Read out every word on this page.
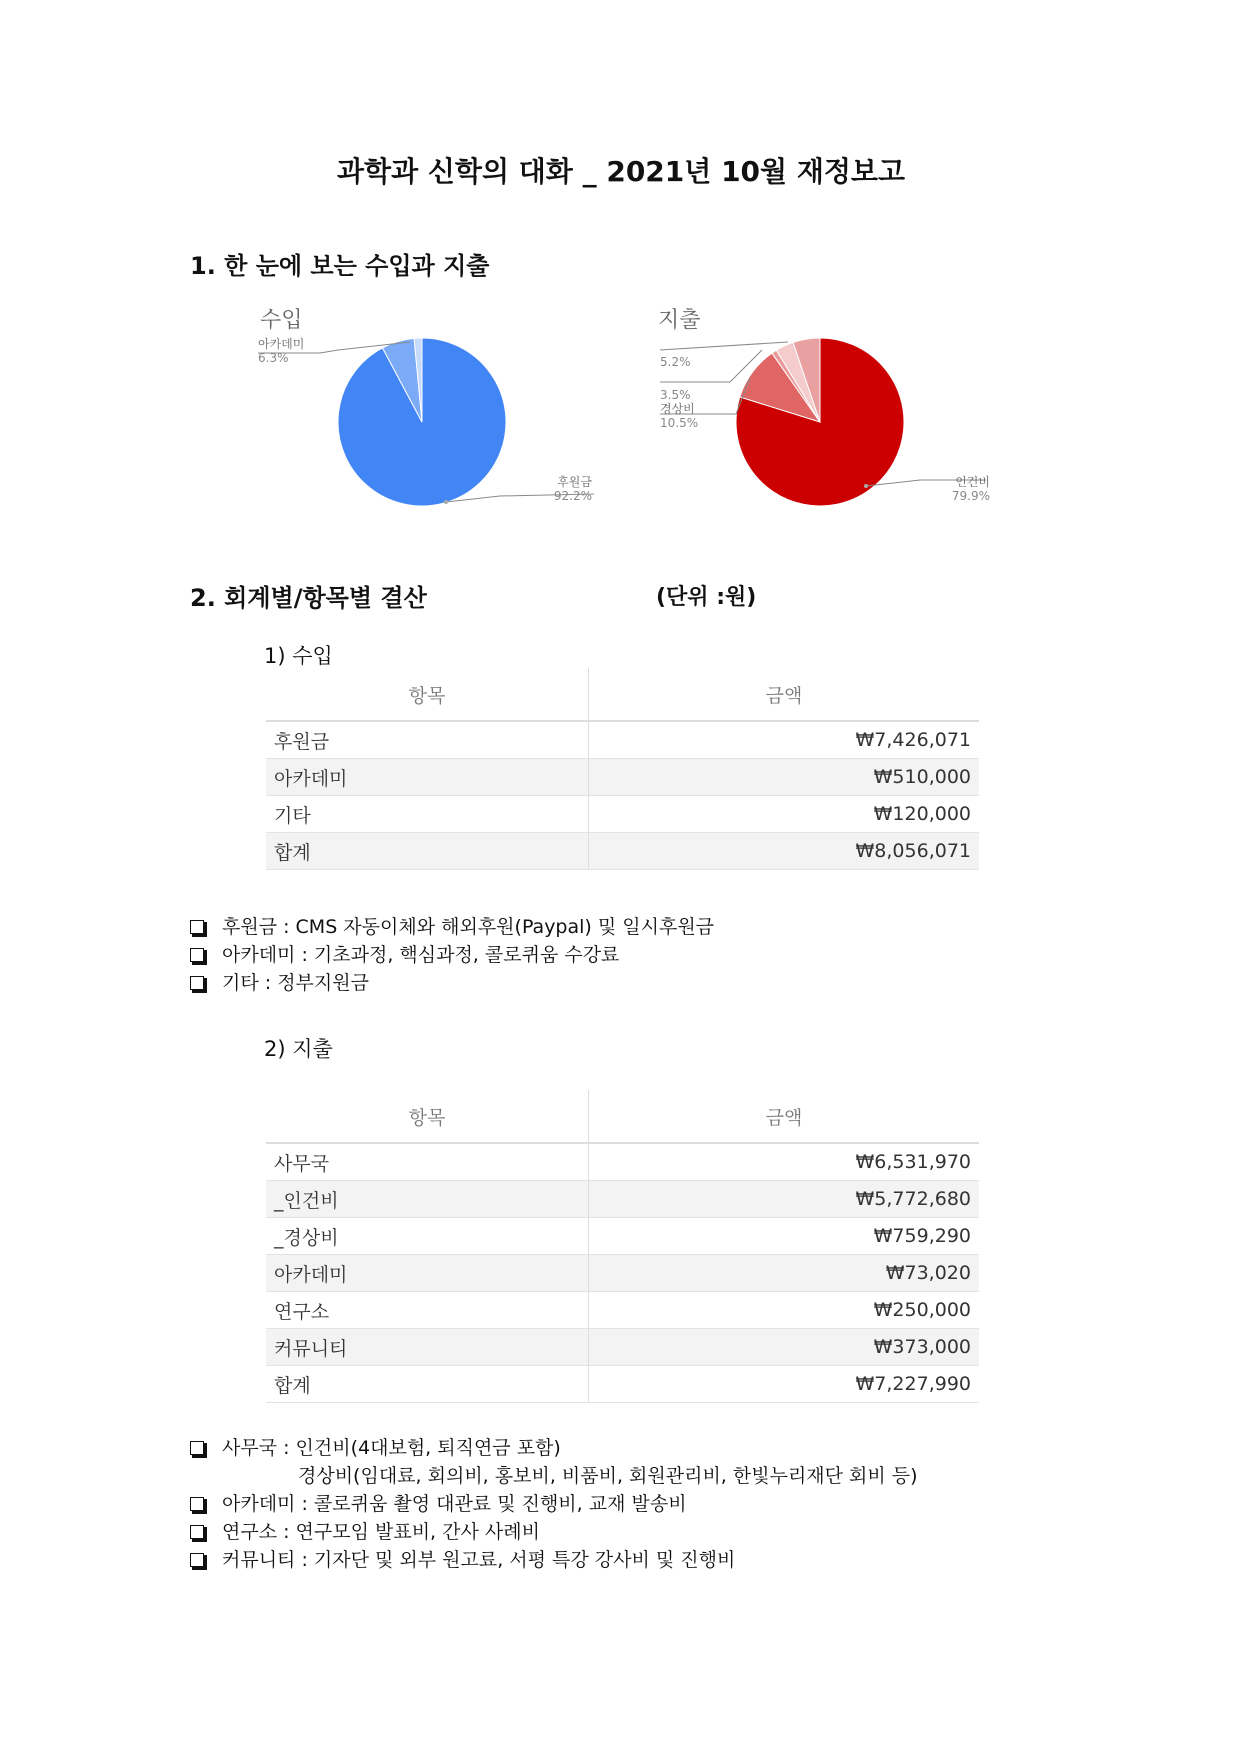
과학과 신학의 대화 _ 2021년 10월 재정보고
1. 한 눈에 보는 수입과 지출
수입
아카데미
6.3%
후원금
92.2%
지출
5.2%
3.5%
경상비
10.5%
인건비
79.9%
2. 회계별/항목별 결산	(단위 :원)
1) 수입
항목	금액
후원금	₩7,426,071
아카데미	₩510,000
기타	₩120,000
합계	₩8,056,071
후원금 : CMS 자동이체와 해외후원(Paypal) 및 일시후원금
아카데미 : 기초과정, 핵심과정, 콜로퀴움 수강료
기타 : 정부지원금
2) 지출
항목	금액
사무국	₩6,531,970
_인건비	₩5,772,680
_경상비	₩759,290
아카데미	₩73,020
연구소	₩250,000
커뮤니티	₩373,000
합계	₩7,227,990
사무국 : 인건비(4대보험, 퇴직연금 포함)
경상비(임대료, 회의비, 홍보비, 비품비, 회원관리비, 한빛누리재단 회비 등)
아카데미 : 콜로퀴움 촬영 대관료 및 진행비, 교재 발송비
연구소 : 연구모임 발표비, 간사 사례비
커뮤니티 : 기자단 및 외부 원고료, 서평 특강 강사비 및 진행비
